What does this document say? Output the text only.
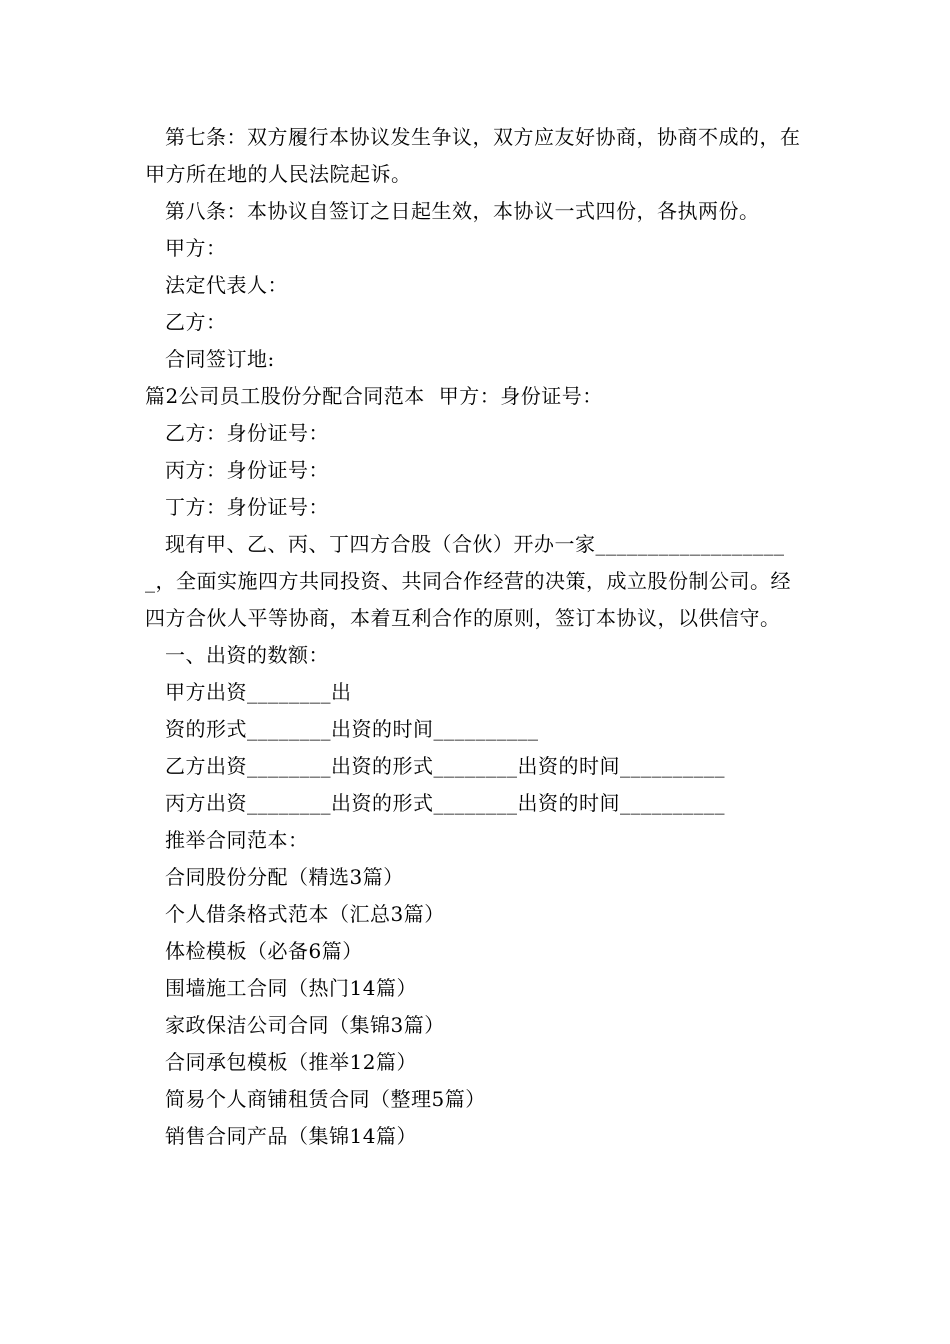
第七条：双方履行本协议发生争议，双方应友好协商，协商不成的，在甲方所在地的人民法院起诉。
第八条：本协议自签订之日起生效，本协议一式四份，各执两份。
甲方：
法定代表人：
乙方：
合同签订地:
篇2公司员工股份分配合同范本 甲方：身份证号：
乙方：身份证号：
丙方：身份证号：
丁方：身份证号：
现有甲、乙、丙、丁四方合股（合伙）开办一家___________________，全面实施四方共同投资、共同合作经营的决策，成立股份制公司。经四方合伙人平等协商，本着互利合作的原则，签订本协议，以供信守。
一、出资的数额：
甲方出资________出
资的形式________出资的时间__________
乙方出资________出资的形式________出资的时间__________
丙方出资________出资的形式________出资的时间__________
推举合同范本：
合同股份分配（精选3篇）
个人借条格式范本（汇总3篇）
体检模板（必备6篇）
围墙施工合同（热门14篇）
家政保洁公司合同（集锦3篇）
合同承包模板（推举12篇）
简易个人商铺租赁合同（整理5篇）
销售合同产品（集锦14篇）
